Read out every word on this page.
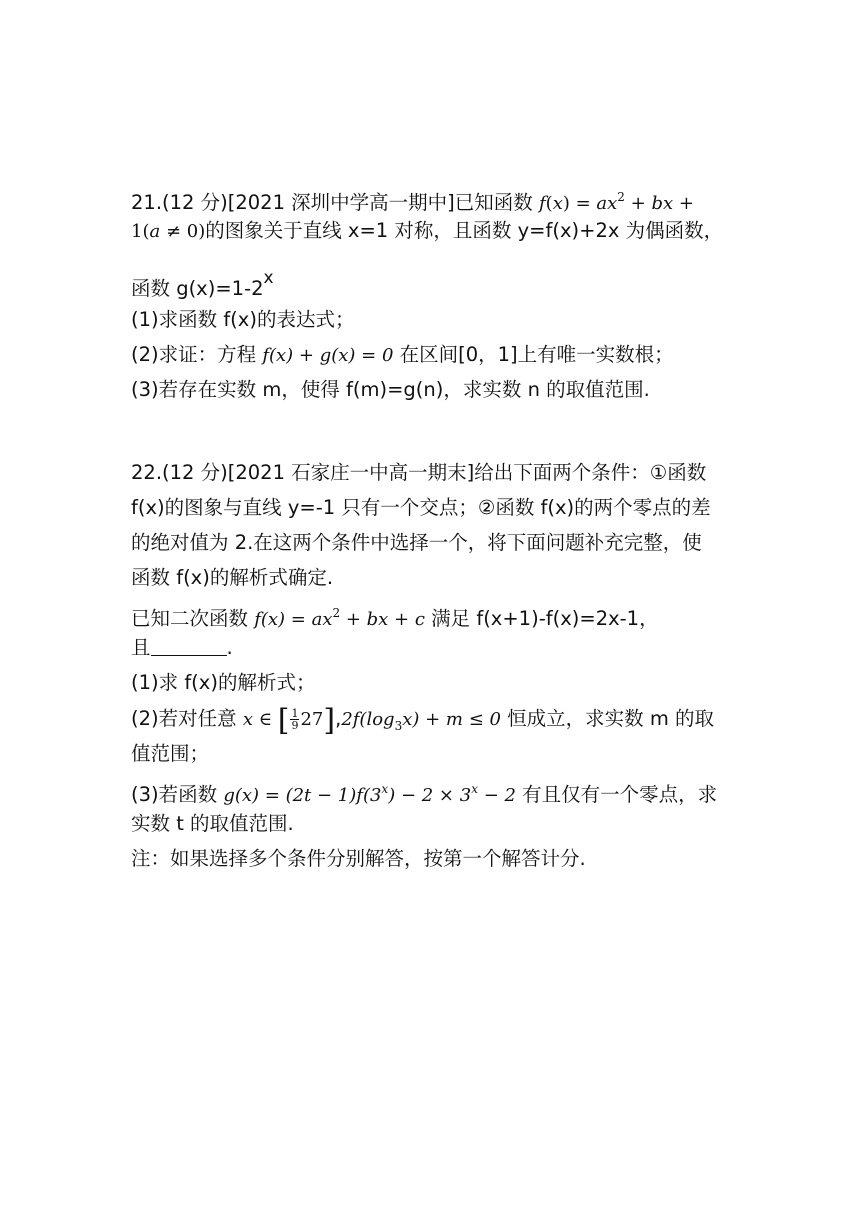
21.(12 分)[2021 深圳中学高一期中]已知函数 $f(x) = ax^2$ + bx +
1(a ≠ 0)的图象关于直线 x=1 对称，且函数 y=f(x)+2x 为偶函数，
函数 g(x)=1-2x
(1)求函数 f(x)的表达式；
(2)求证：方程 f(x) + g(x) = 0 在区间[0，1]上有唯一实数根；
(3)若存在实数 m，使得 f(m)=g(n)，求实数 n 的取值范围.
22.(12 分)[2021 石家庄一中高一期末]给出下面两个条件：①函数
f(x)的图象与直线 y=-1 只有一个交点；②函数 f(x)的两个零点的差
的绝对值为 2.在这两个条件中选择一个，将下面问题补充完整，使
函数 f(x)的解析式确定.
已知二次函数 $f(x) = ax^2$ + bx + c 满足 f(x+1)-f(x)=2x-1，
且	.
(1)求 f(x)的解析式；
(2)若对任意 x ∈ [ $\frac{1}{9} 27],2f(\log_3x) + m \le 0$ 恒成立，求实数 m 的取
值范围；
(3)若函数 $g(x) = (2t - 1)f(3^x) - 2 \times 3^x - 2$ 有且仅有一个零点，求
实数 t 的取值范围.
注：如果选择多个条件分别解答，按第一个解答计分.
